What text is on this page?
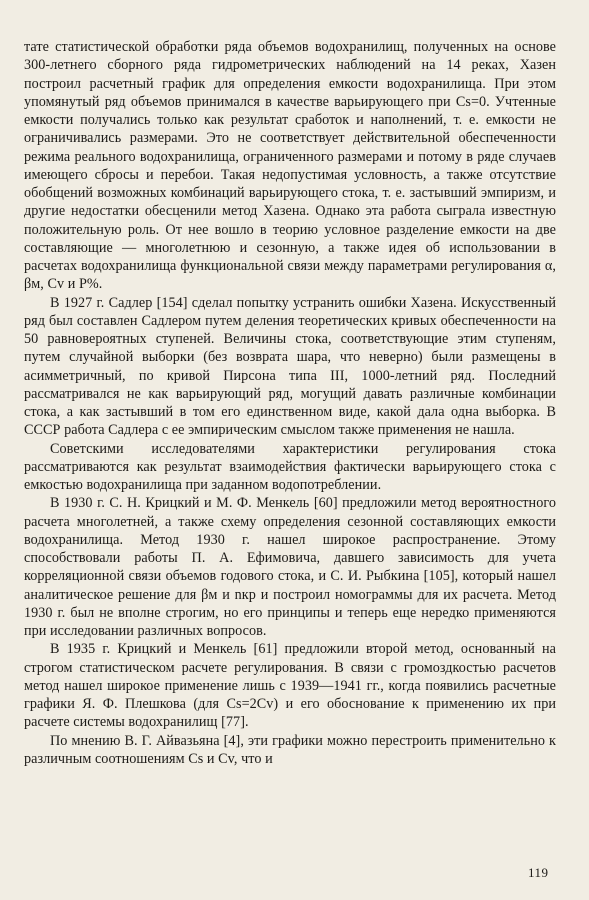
тате статистической обработки ряда объемов водохранилищ, полученных на основе 300-летнего сборного ряда гидрометрических наблюдений на 14 реках, Хазен построил расчетный график для определения емкости водохранилища. При этом упомянутый ряд объемов принимался в качестве варьирующего при Cs=0. Учтенные емкости получались только как результат сработок и наполнений, т. е. емкости не ограничивались размерами. Это не соответствует действительной обеспеченности режима реального водохранилища, ограниченного размерами и потому в ряде случаев имеющего сбросы и перебои. Такая недопустимая условность, а также отсутствие обобщений возможных комбинаций варьирующего стока, т. е. застывший эмпиризм, и другие недостатки обесценили метод Хазена. Однако эта работа сыграла известную положительную роль. От нее вошло в теорию условное разделение емкости на две составляющие — многолетнюю и сезонную, а также идея об использовании в расчетах водохранилища функциональной связи между параметрами регулирования α, βм, Cv и P%.

В 1927 г. Садлер [154] сделал попытку устранить ошибки Хазена. Искусственный ряд был составлен Садлером путем деления теоретических кривых обеспеченности на 50 равновероятных ступеней. Величины стока, соответствующие этим ступеням, путем случайной выборки (без возврата шара, что неверно) были размещены в асимметричный, по кривой Пирсона типа III, 1000-летний ряд. Последний рассматривался не как варьирующий ряд, могущий давать различные комбинации стока, а как застывший в том его единственном виде, какой дала одна выборка. В СССР работа Садлера с ее эмпирическим смыслом также применения не нашла.

Советскими исследователями характеристики регулирования стока рассматриваются как результат взаимодействия фактически варьирующего стока с емкостью водохранилища при заданном водопотреблении.

В 1930 г. С. Н. Крицкий и М. Ф. Менкель [60] предложили метод вероятностного расчета многолетней, а также схему определения сезонной составляющих емкости водохранилища. Метод 1930 г. нашел широкое распространение. Этому способствовали работы П. А. Ефимовича, давшего зависимость для учета корреляционной связи объемов годового стока, и С. И. Рыбкина [105], который нашел аналитическое решение для βм и nкр и построил номограммы для их расчета. Метод 1930 г. был не вполне строгим, но его принципы и теперь еще нередко применяются при исследовании различных вопросов.

В 1935 г. Крицкий и Менкель [61] предложили второй метод, основанный на строгом статистическом расчете регулирования. В связи с громоздкостью расчетов метод нашел широкое применение лишь с 1939—1941 гг., когда появились расчетные графики Я. Ф. Плешкова (для Cs=2Cv) и его обоснование к применению их при расчете системы водохранилищ [77].

По мнению В. Г. Айвазьяна [4], эти графики можно перестроить применительно к различным соотношениям Cs и Cv, что и

119
